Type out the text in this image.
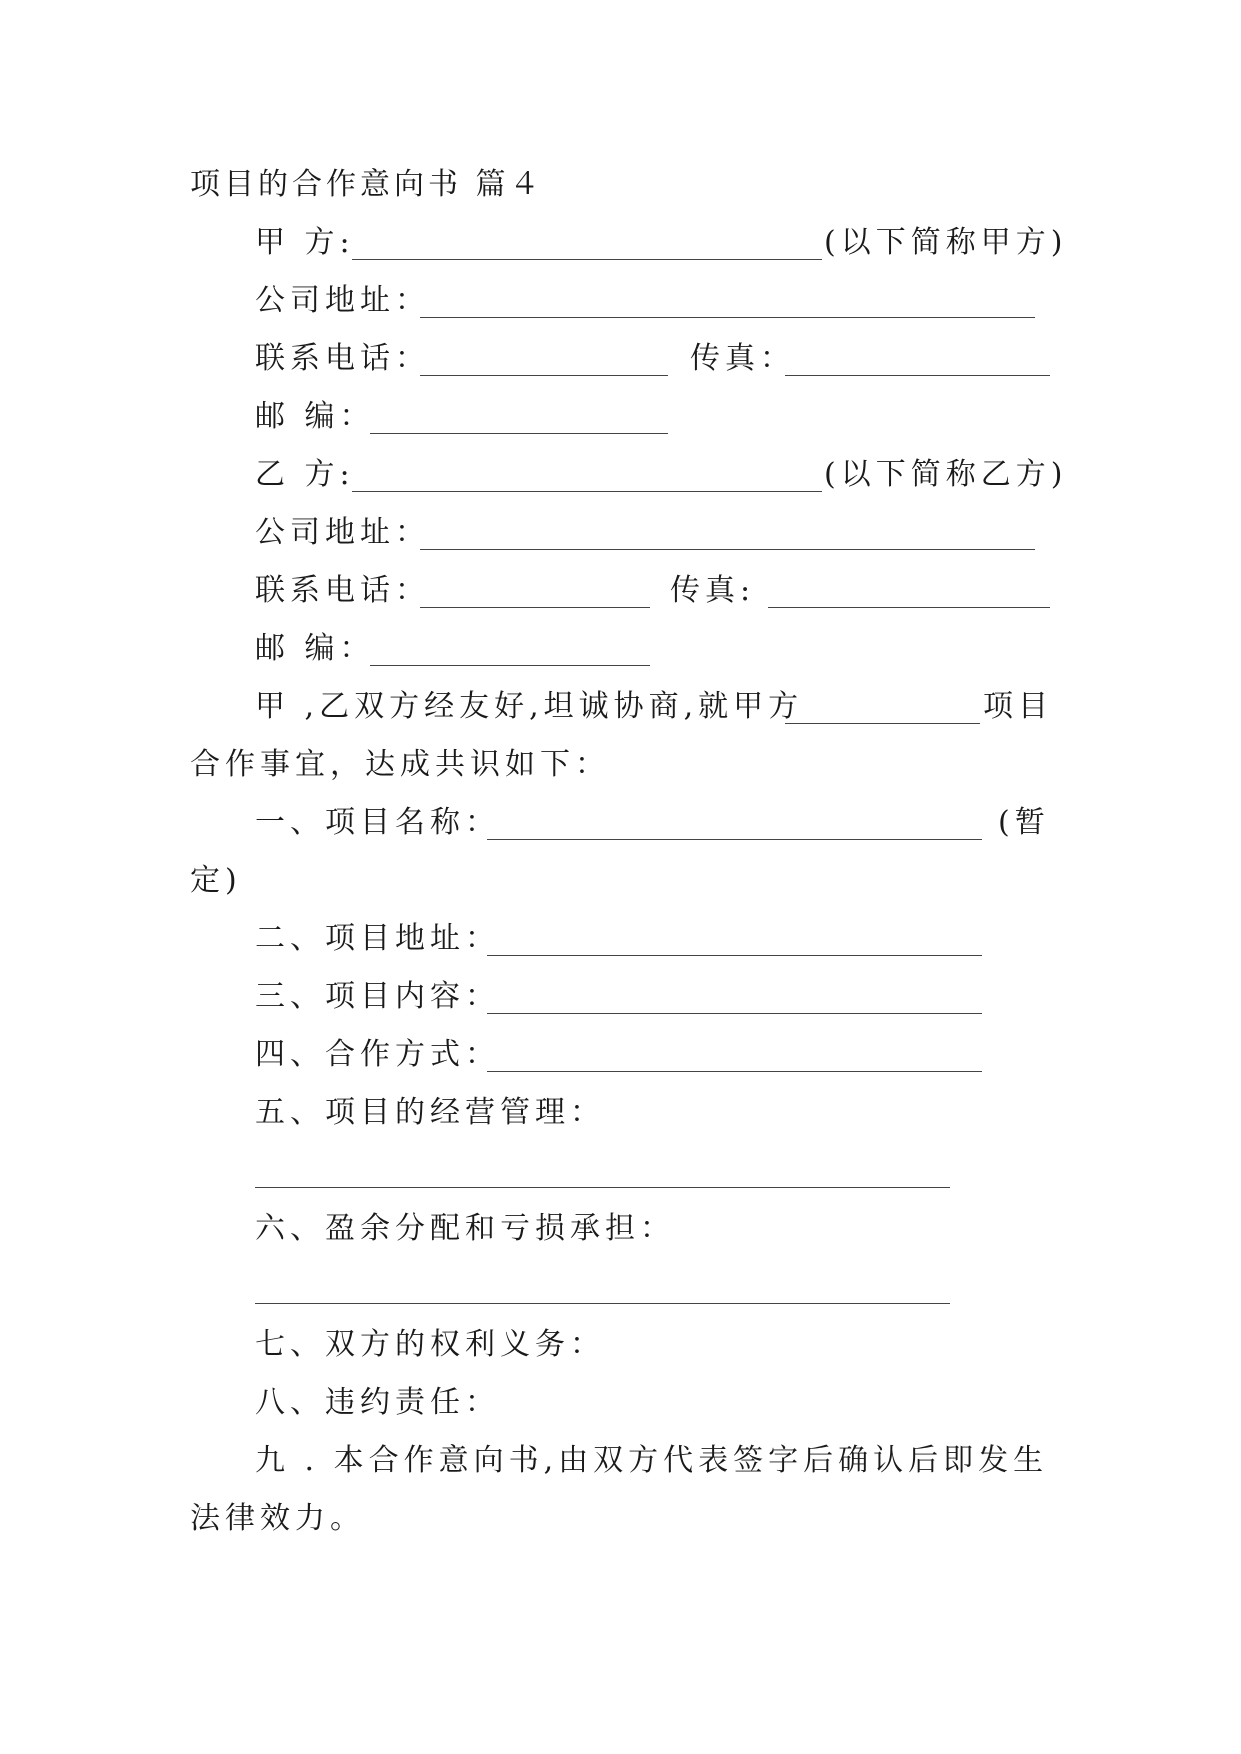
项目的合作意向书 篇４
甲 方:	(以下简称甲方)
公司地址：
联系电话：	传真：
邮 编：
乙 方:	(以下简称乙方)
公司地址：
联系电话：	传真:
邮 编：
甲 ,乙双方经友好,坦诚协商,就甲方	项目
合作事宜，达成共识如下：
一、项目名称：	(暂
定)
二、项目地址：
三、项目内容：
四、合作方式：
五、项目的经营管理：
六、盈余分配和亏损承担：
七、双方的权利义务：
八、违约责任：
九 . 本合作意向书,由双方代表签字后确认后即发生
法律效力。
